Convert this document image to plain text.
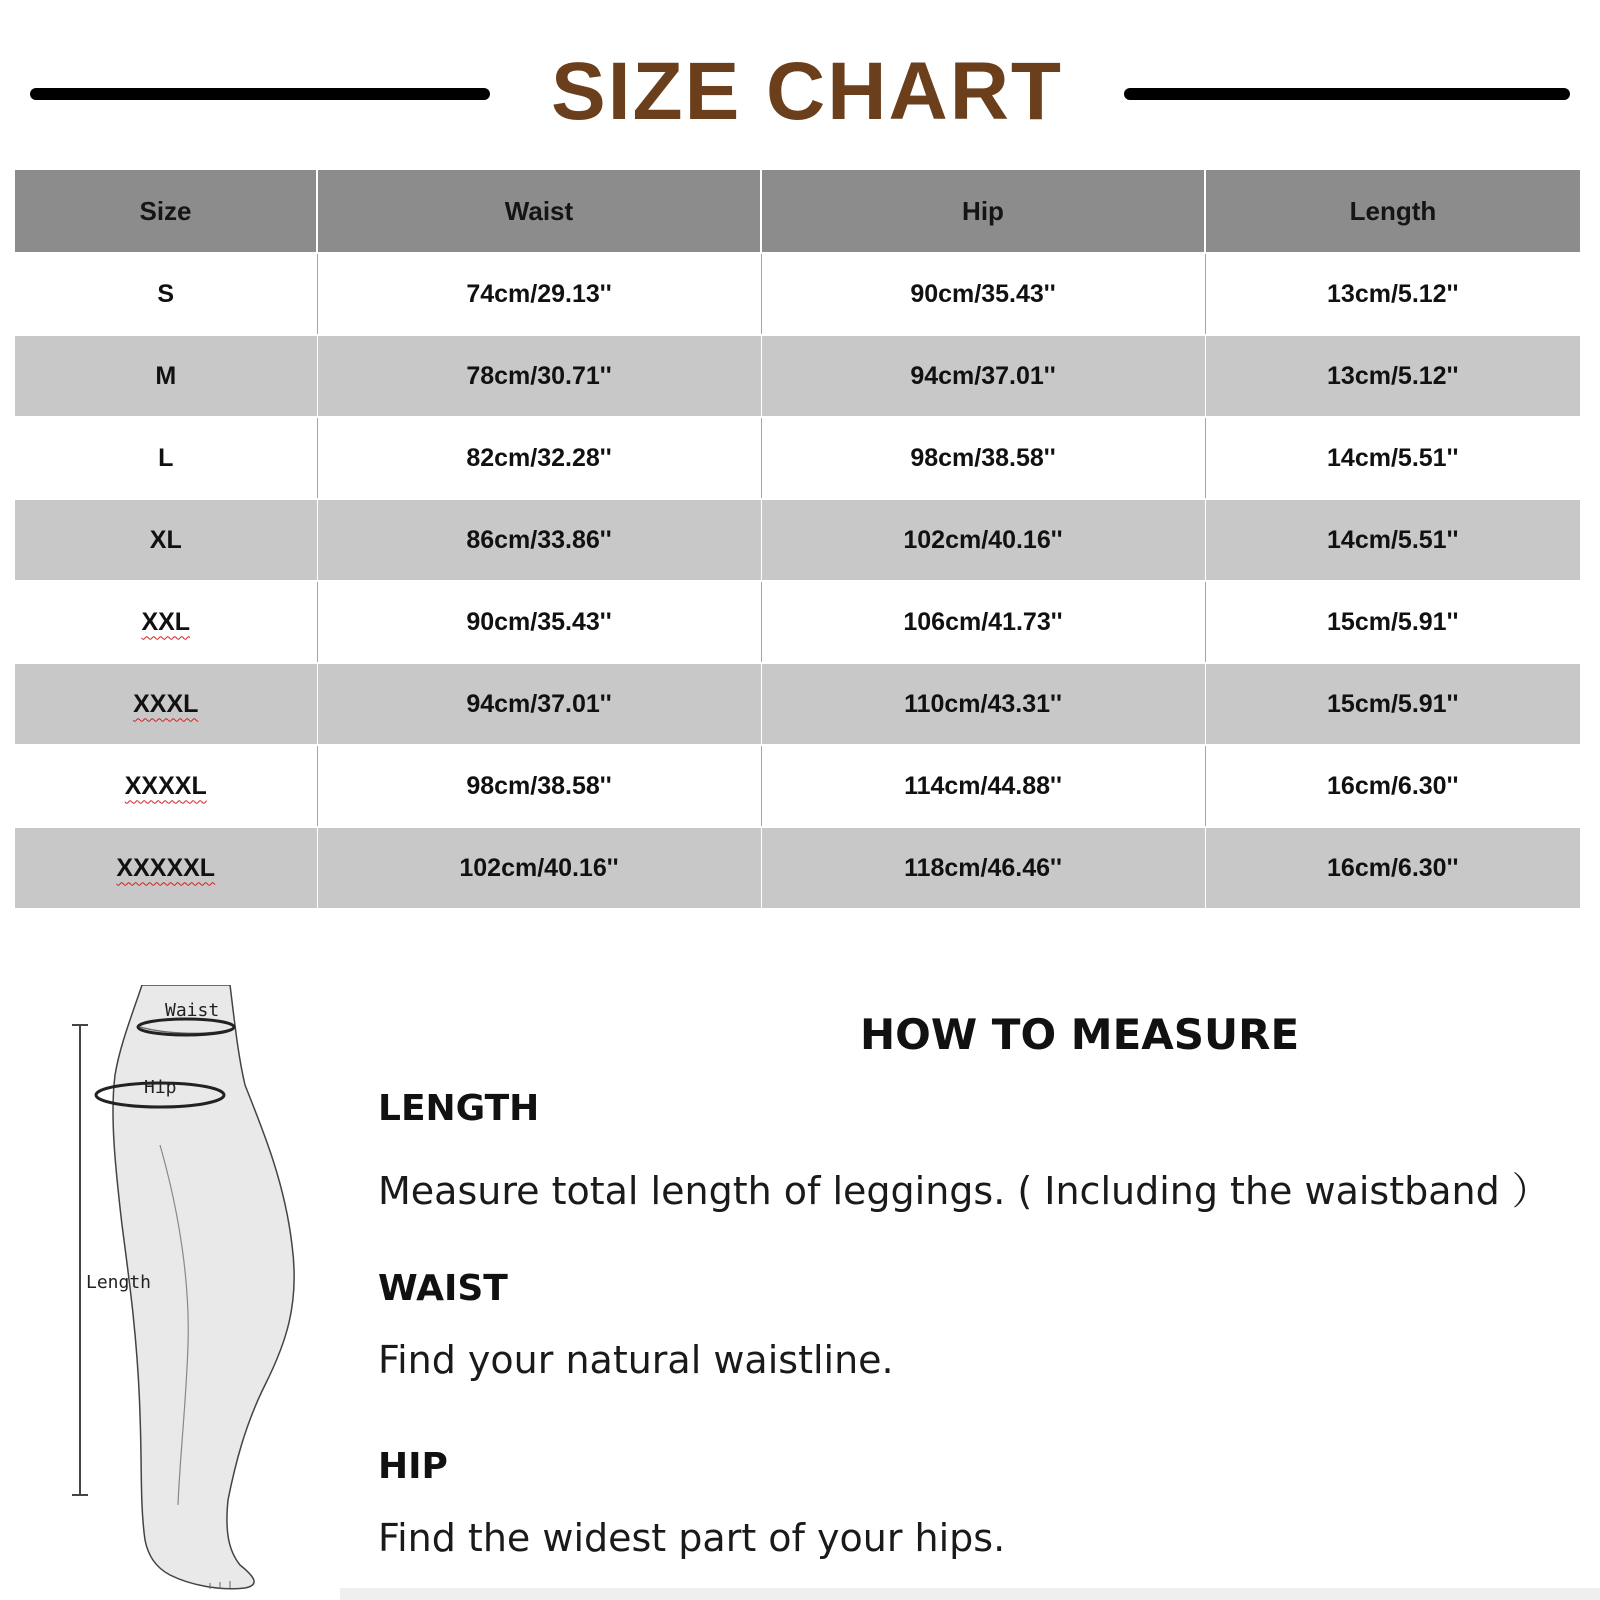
SIZE CHART
Size	Waist	Hip	Length
S	74cm/29.13''	90cm/35.43''	13cm/5.12''
M	78cm/30.71''	94cm/37.01''	13cm/5.12''
L	82cm/32.28''	98cm/38.58''	14cm/5.51''
XL	86cm/33.86''	102cm/40.16''	14cm/5.51''
XXL	90cm/35.43''	106cm/41.73''	15cm/5.91''
XXXL	94cm/37.01''	110cm/43.31''	15cm/5.91''
XXXXL	98cm/38.58''	114cm/44.88''	16cm/6.30''
XXXXXL	102cm/40.16''	118cm/46.46''	16cm/6.30''
Waist
Hip
Length
HOW TO MEASURE
LENGTH
Measure total length of leggings. ( Including the waistband ）
WAIST
Find your natural waistline.
HIP
Find the widest part of your hips.
